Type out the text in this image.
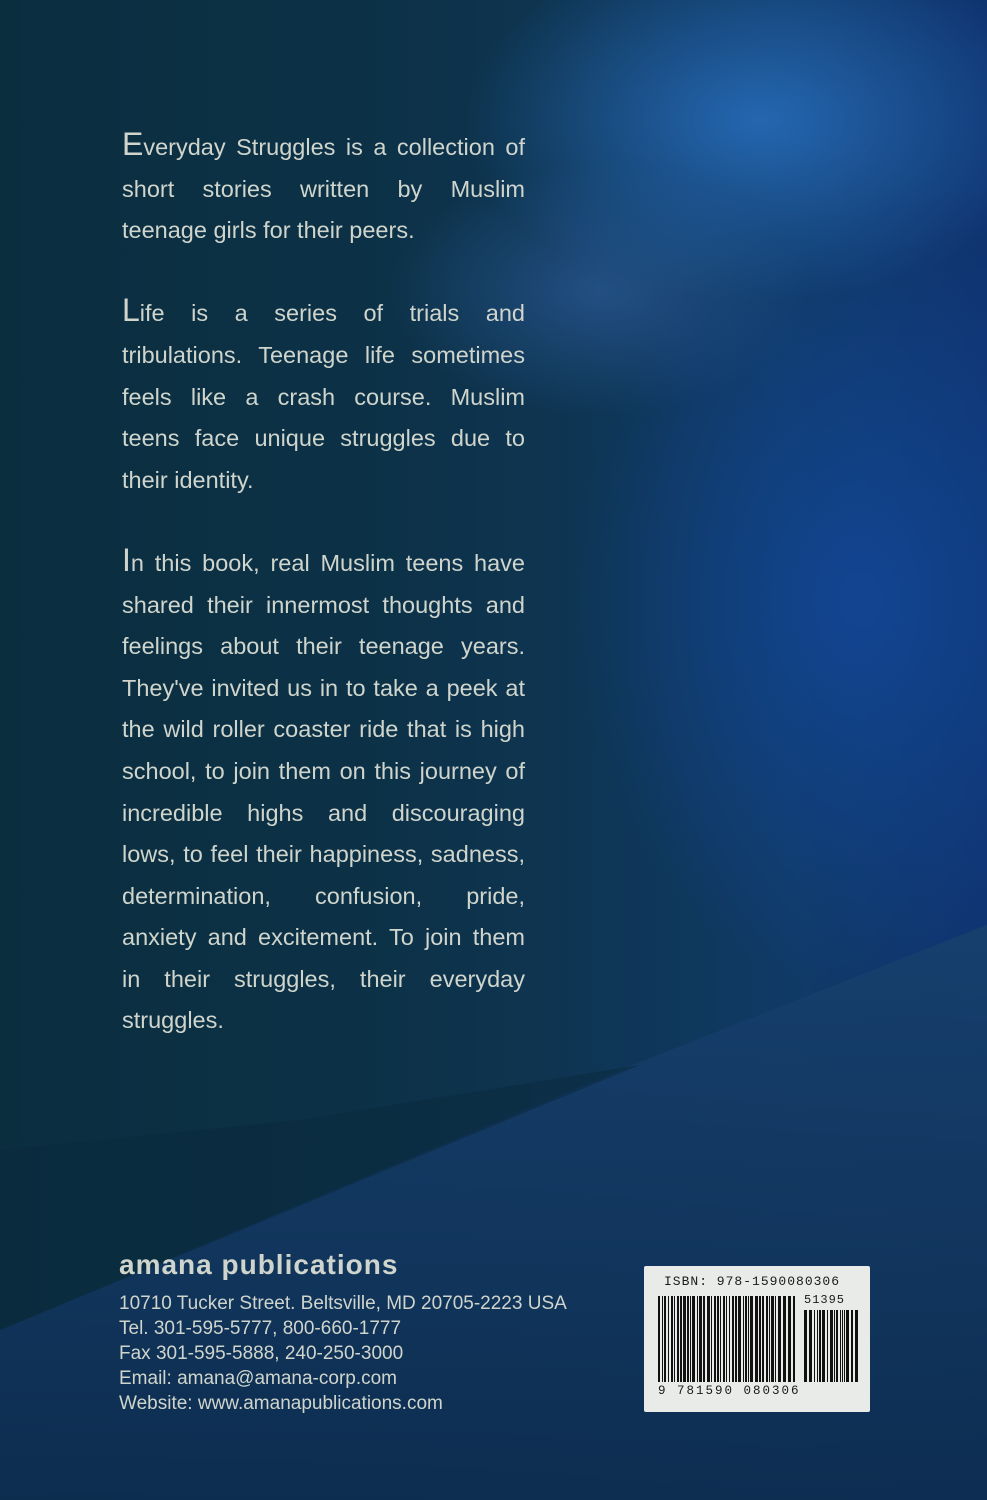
Everyday Struggles is a collection of short stories written by Muslim teenage girls for their peers.

Life is a series of trials and tribulations. Teenage life sometimes feels like a crash course. Muslim teens face unique struggles due to their identity.

In this book, real Muslim teens have shared their innermost thoughts and feelings about their teenage years. They've invited us in to take a peek at the wild roller coaster ride that is high school, to join them on this journey of incredible highs and discouraging lows, to feel their happiness, sadness, determination, confusion, pride, anxiety and excitement. To join them in their struggles, their everyday struggles.

amana publications
10710 Tucker Street. Beltsville, MD 20705-2223 USA
Tel. 301-595-5777, 800-660-1777
Fax 301-595-5888, 240-250-3000
Email: amana@amana-corp.com
Website: www.amanapublications.com
ISBN: 978-1590080306
51395
9 781590 080306
